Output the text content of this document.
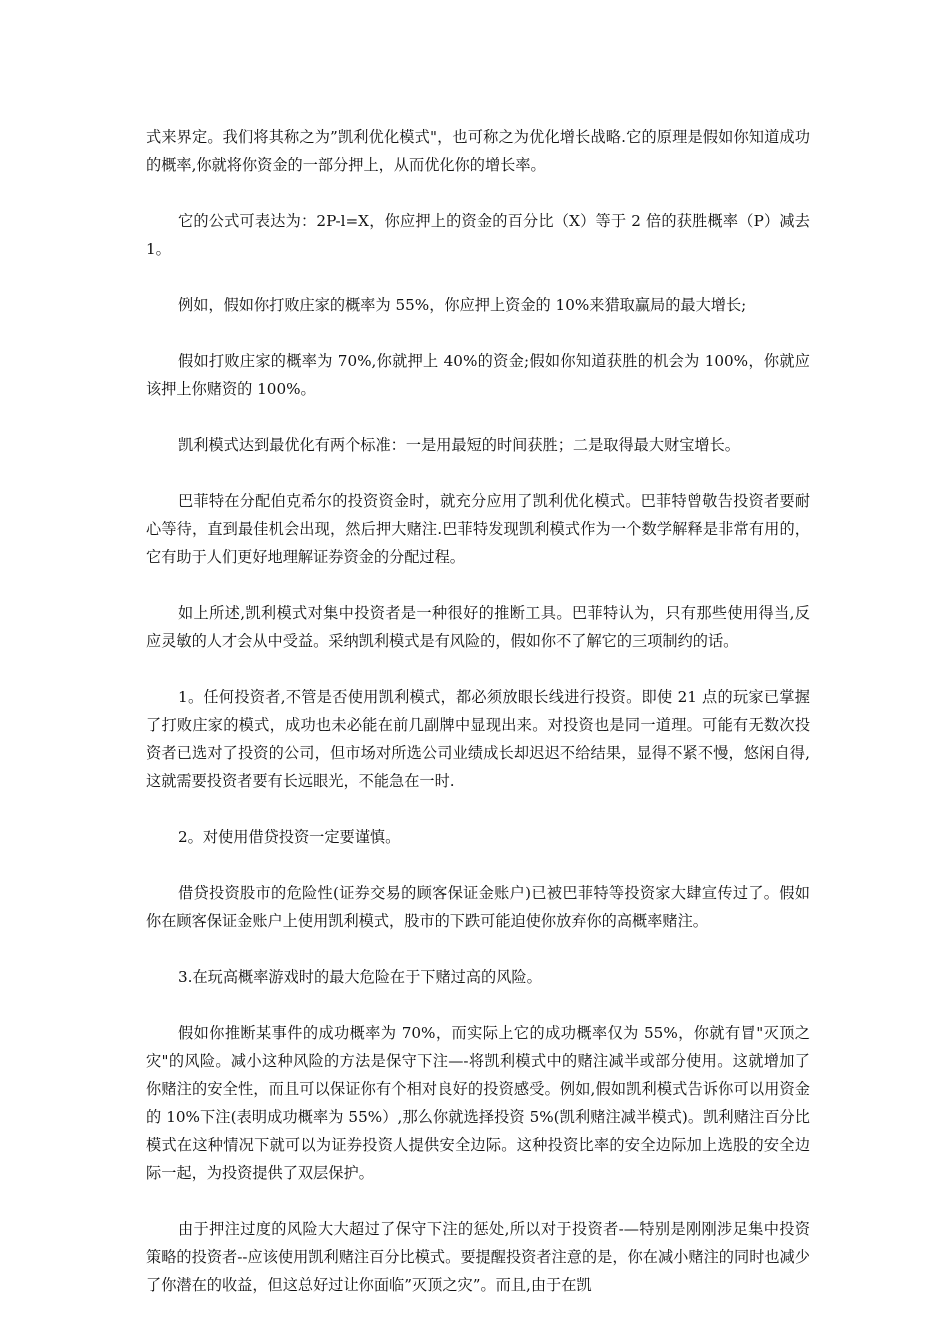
式来界定。我们将其称之为”凯利优化模式"，也可称之为优化增长战略.它的原理是假如你知道成功的概率,你就将你资金的一部分押上，从而优化你的增长率。

它的公式可表达为：2P-l=X，你应押上的资金的百分比（X）等于 2 倍的获胜概率（P）减去 1。

例如，假如你打败庄家的概率为 55%，你应押上资金的 10%来猎取赢局的最大增长;

假如打败庄家的概率为 70%,你就押上 40%的资金;假如你知道获胜的机会为 100%，你就应该押上你赌资的 100%。

凯利模式达到最优化有两个标准：一是用最短的时间获胜；二是取得最大财宝增长。

巴菲特在分配伯克希尔的投资资金时，就充分应用了凯利优化模式。巴菲特曾敬告投资者要耐心等待，直到最佳机会出现，然后押大赌注.巴菲特发现凯利模式作为一个数学解释是非常有用的，它有助于人们更好地理解证券资金的分配过程。

如上所述,凯利模式对集中投资者是一种很好的推断工具。巴菲特认为，只有那些使用得当,反应灵敏的人才会从中受益。采纳凯利模式是有风险的，假如你不了解它的三项制约的话。

1。任何投资者,不管是否使用凯利模式，都必须放眼长线进行投资。即使 21 点的玩家已掌握了打败庄家的模式，成功也未必能在前几副牌中显现出来。对投资也是同一道理。可能有无数次投资者已选对了投资的公司，但市场对所选公司业绩成长却迟迟不给结果，显得不紧不慢，悠闲自得,这就需要投资者要有长远眼光，不能急在一时.

2。对使用借贷投资一定要谨慎。

借贷投资股市的危险性(证券交易的顾客保证金账户)已被巴菲特等投资家大肆宣传过了。假如你在顾客保证金账户上使用凯利模式，股市的下跌可能迫使你放弃你的高概率赌注。

3.在玩高概率游戏时的最大危险在于下赌过高的风险。

假如你推断某事件的成功概率为 70%，而实际上它的成功概率仅为 55%，你就有冒"灭顶之灾"的风险。减小这种风险的方法是保守下注—-将凯利模式中的赌注减半或部分使用。这就增加了你赌注的安全性，而且可以保证你有个相对良好的投资感受。例如,假如凯利模式告诉你可以用资金的 10%下注(表明成功概率为 55%）,那么你就选择投资 5%(凯利赌注减半模式)。凯利赌注百分比模式在这种情况下就可以为证券投资人提供安全边际。这种投资比率的安全边际加上选股的安全边际一起，为投资提供了双层保护。

由于押注过度的风险大大超过了保守下注的惩处,所以对于投资者-—特别是刚刚涉足集中投资策略的投资者--应该使用凯利赌注百分比模式。要提醒投资者注意的是，你在减小赌注的同时也减少了你潜在的收益，但这总好过让你面临”灭顶之灾”。而且,由于在凯
